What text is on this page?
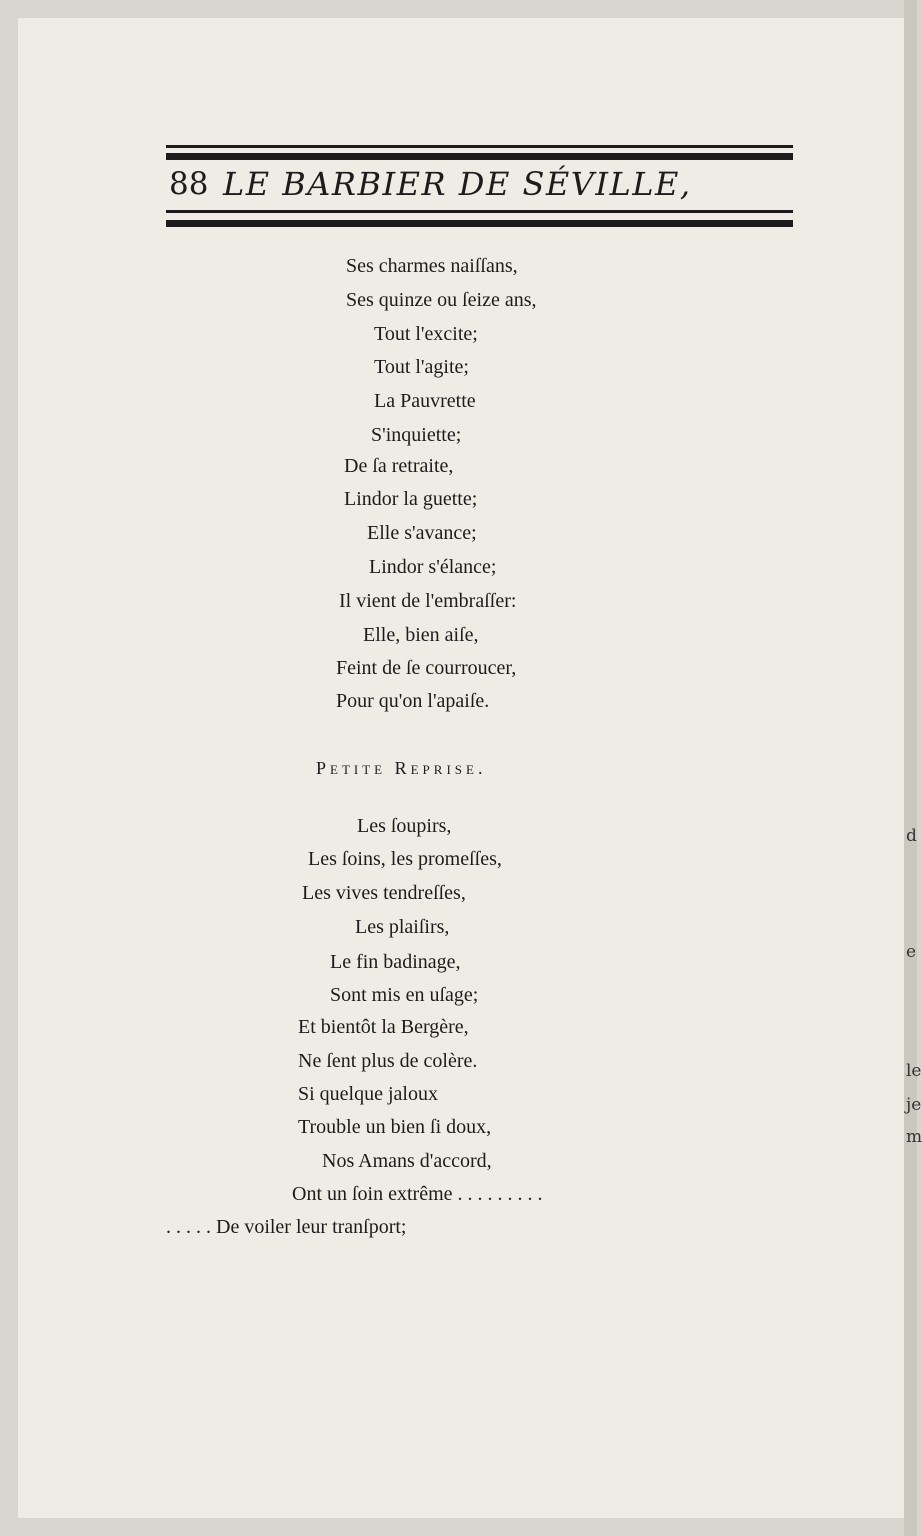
88 LE BARBIER DE SÉVILLE,
Ses charmes naiſſans,
Ses quinze ou ſeize ans,
Tout l'excite;
Tout l'agite;
La Pauvrette
S'inquiette;
De ſa retraite,
Lindor la guette;
Elle s'avance;
Lindor s'élance;
Il vient de l'embraſſer:
Elle, bien aiſe,
Feint de ſe courroucer,
Pour qu'on l'apaiſe.
Petite Repriſe.
Les ſoupirs,
Les ſoins, les promeſſes,
Les vives tendreſſes,
Les plaiſirs,
Le fin badinage,
Sont mis en uſage;
Et bientôt la Bergère,
Ne ſent plus de colère.
Si quelque jaloux
Trouble un bien ſi doux,
Nos Amans d'accord,
Ont un ſoin extrême . . . . . . . . .
. . . . . De voiler leur tranſport;
d
e
le
je
m
